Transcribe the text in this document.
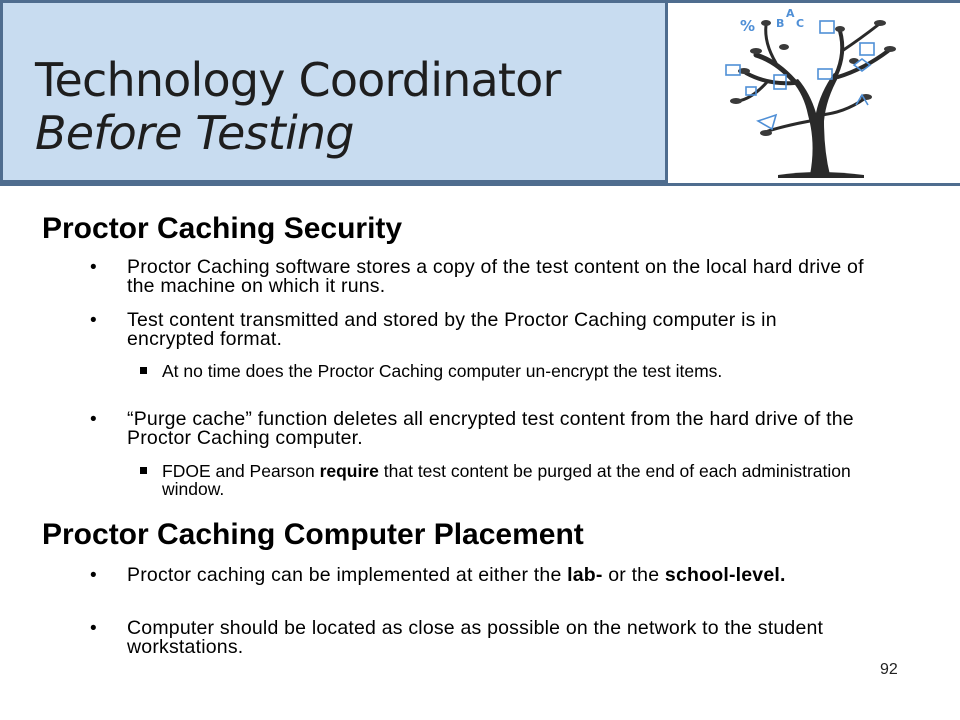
Technology Coordinator
Before Testing
%
A
B C
Proctor Caching Security
• Proctor Caching software stores a copy of the test content on the local hard drive of the machine on which it runs.
• Test content transmitted and stored by the Proctor Caching computer is in encrypted format.
At no time does the Proctor Caching computer un-encrypt the test items.
• “Purge cache” function deletes all encrypted test content from the hard drive of the Proctor Caching computer.
FDOE and Pearson require that test content be purged at the end of each administration window.
Proctor Caching Computer Placement
• Proctor caching can be implemented at either the lab- or the school-level.
• Computer should be located as close as possible on the network to the student workstations.
92
